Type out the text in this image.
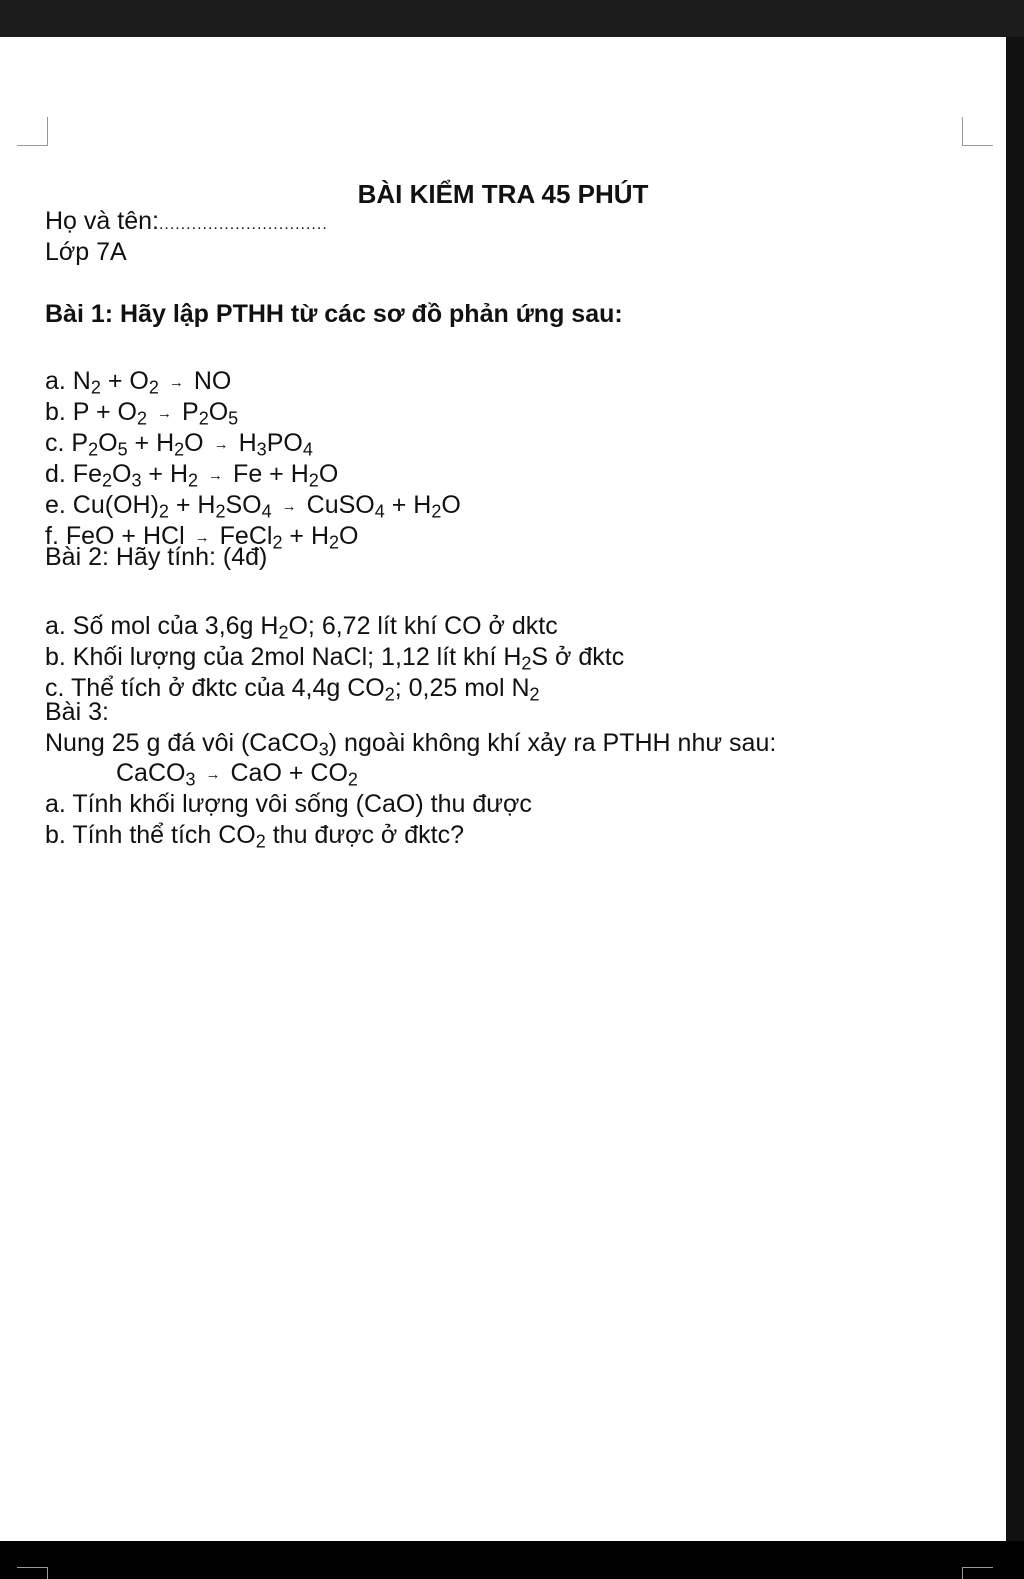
BÀI KIỂM TRA 45 PHÚT
Họ và tên:...............................
Lớp 7A
Bài 1: Hãy lập PTHH từ các sơ đồ phản ứng sau:
a. $N_2 + O_2$ → NO
b. $P + O_2 \to P_2O_5$
c. $P_2O_5 + H_2O \to H_3PO_4$
d. $Fe_2O_3 + H_2 \to Fe + H_2O$
e. $Cu(OH)_2 + H_2SO_4$ → CuSO$_4$ + $H_2O$
f. FeO + HCl → FeCl$_2$ + $H_2O$
Bài 2: Hãy tính: (4đ)
a. Số mol của 3,6g $H_2O$; 6,72 lít khí CO ở dktc
b. Khối lượng của 2mol NaCl; 1,12 lít khí $H_2S$ ở đktc
c. Thể tích ở đktc của 4,4g $CO_2$; 0,25 mol $N_2$
Bài 3:
Nung 25 g đá vôi (CaCO$_3$) ngoài không khí xảy ra PTHH như sau:
CaCO$_3$ → CaO + $CO_2$
a. Tính khối lượng vôi sống (CaO) thu được
b. Tính thể tích $CO_2$ thu được ở đktc?
